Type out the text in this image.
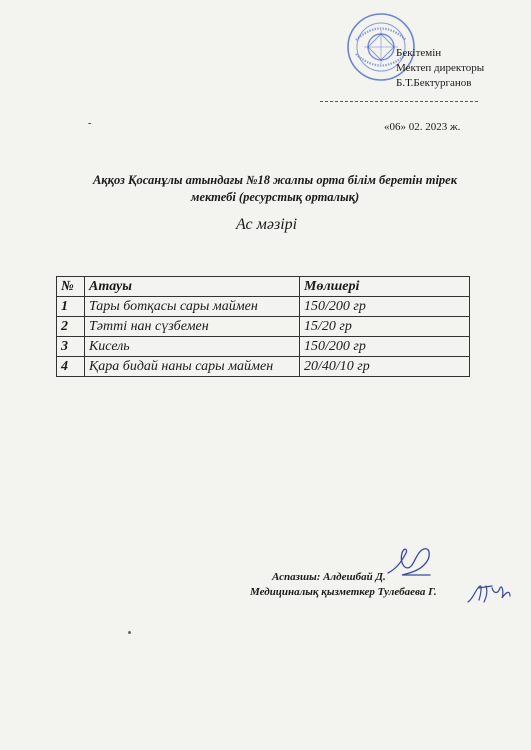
Бекітемін
Мектеп директоры
Б.Т.Бектурганов
-	«06» 02. 2023 ж.
Аққоз Қосанұлы атындағы №18 жалпы орта білім беретін тірек
мектебі (ресурстық орталық)
Ас мәзірі
№	Атауы	Мөлшері
1	Тары ботқасы сары маймен	150/200 гр
2	Тәтті нан сүзбемен	15/20 гр
3	Кисель	150/200 гр
4	Қара бидай наны сары маймен	20/40/10 гр
Аспазшы: Алдешбай Д.
Медициналық қызметкер Тулебаева Г.
